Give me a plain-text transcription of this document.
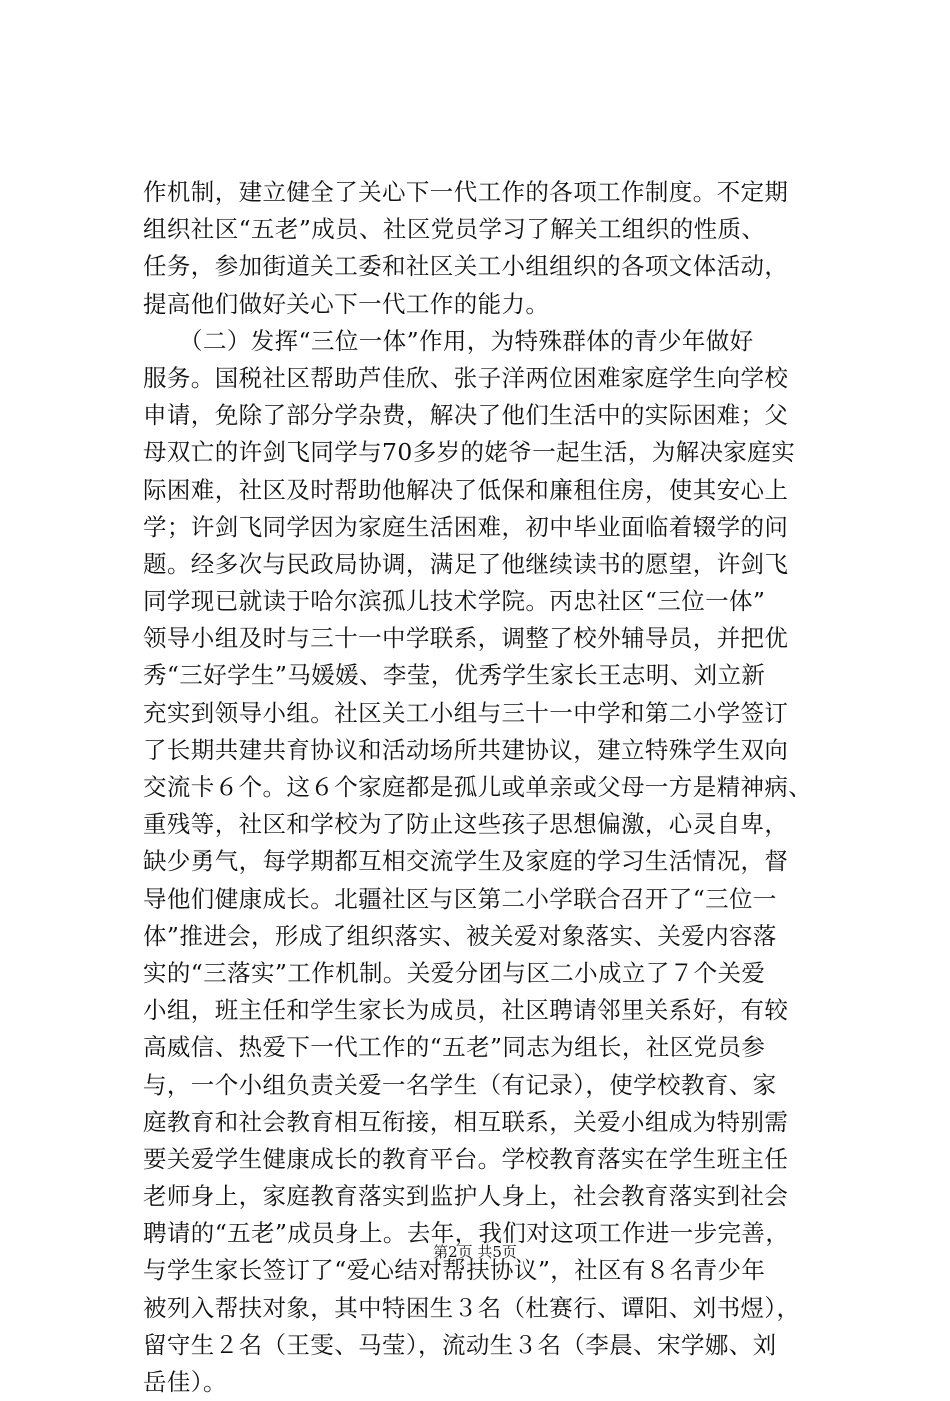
作机制，建立健全了关心下一代工作的各项工作制度。不定期
组织社区“五老”成员、社区党员学习了解关工组织的性质、
任务，参加街道关工委和社区关工小组组织的各项文体活动，
提高他们做好关心下一代工作的能力。
　　（二）发挥“三位一体”作用，为特殊群体的青少年做好
服务。国税社区帮助芦佳欣、张子洋两位困难家庭学生向学校
申请，免除了部分学杂费，解决了他们生活中的实际困难；父
母双亡的许剑飞同学与70多岁的姥爷一起生活，为解决家庭实
际困难，社区及时帮助他解决了低保和廉租住房，使其安心上
学；许剑飞同学因为家庭生活困难，初中毕业面临着辍学的问
题。经多次与民政局协调，满足了他继续读书的愿望，许剑飞
同学现已就读于哈尔滨孤儿技术学院。丙忠社区“三位一体”
领导小组及时与三十一中学联系，调整了校外辅导员，并把优
秀“三好学生”马媛媛、李莹，优秀学生家长王志明、刘立新
充实到领导小组。社区关工小组与三十一中学和第二小学签订
了长期共建共育协议和活动场所共建协议，建立特殊学生双向
交流卡６个。这６个家庭都是孤儿或单亲或父母一方是精神病、
重残等，社区和学校为了防止这些孩子思想偏激，心灵自卑，
缺少勇气，每学期都互相交流学生及家庭的学习生活情况，督
导他们健康成长。北疆社区与区第二小学联合召开了“三位一
体”推进会，形成了组织落实、被关爱对象落实、关爱内容落
实的“三落实”工作机制。关爱分团与区二小成立了７个关爱
小组，班主任和学生家长为成员，社区聘请邻里关系好，有较
高威信、热爱下一代工作的“五老”同志为组长，社区党员参
与，一个小组负责关爱一名学生（有记录），使学校教育、家
庭教育和社会教育相互衔接，相互联系，关爱小组成为特别需
要关爱学生健康成长的教育平台。学校教育落实在学生班主任
老师身上，家庭教育落实到监护人身上，社会教育落实到社会
聘请的“五老”成员身上。去年，我们对这项工作进一步完善，
与学生家长签订了“爱心结对帮扶协议”，社区有８名青少年
被列入帮扶对象，其中特困生３名（杜赛行、谭阳、刘书煜），
留守生２名（王雯、马莹），流动生３名（李晨、宋学娜、刘
岳佳）。
第2页 共5页
